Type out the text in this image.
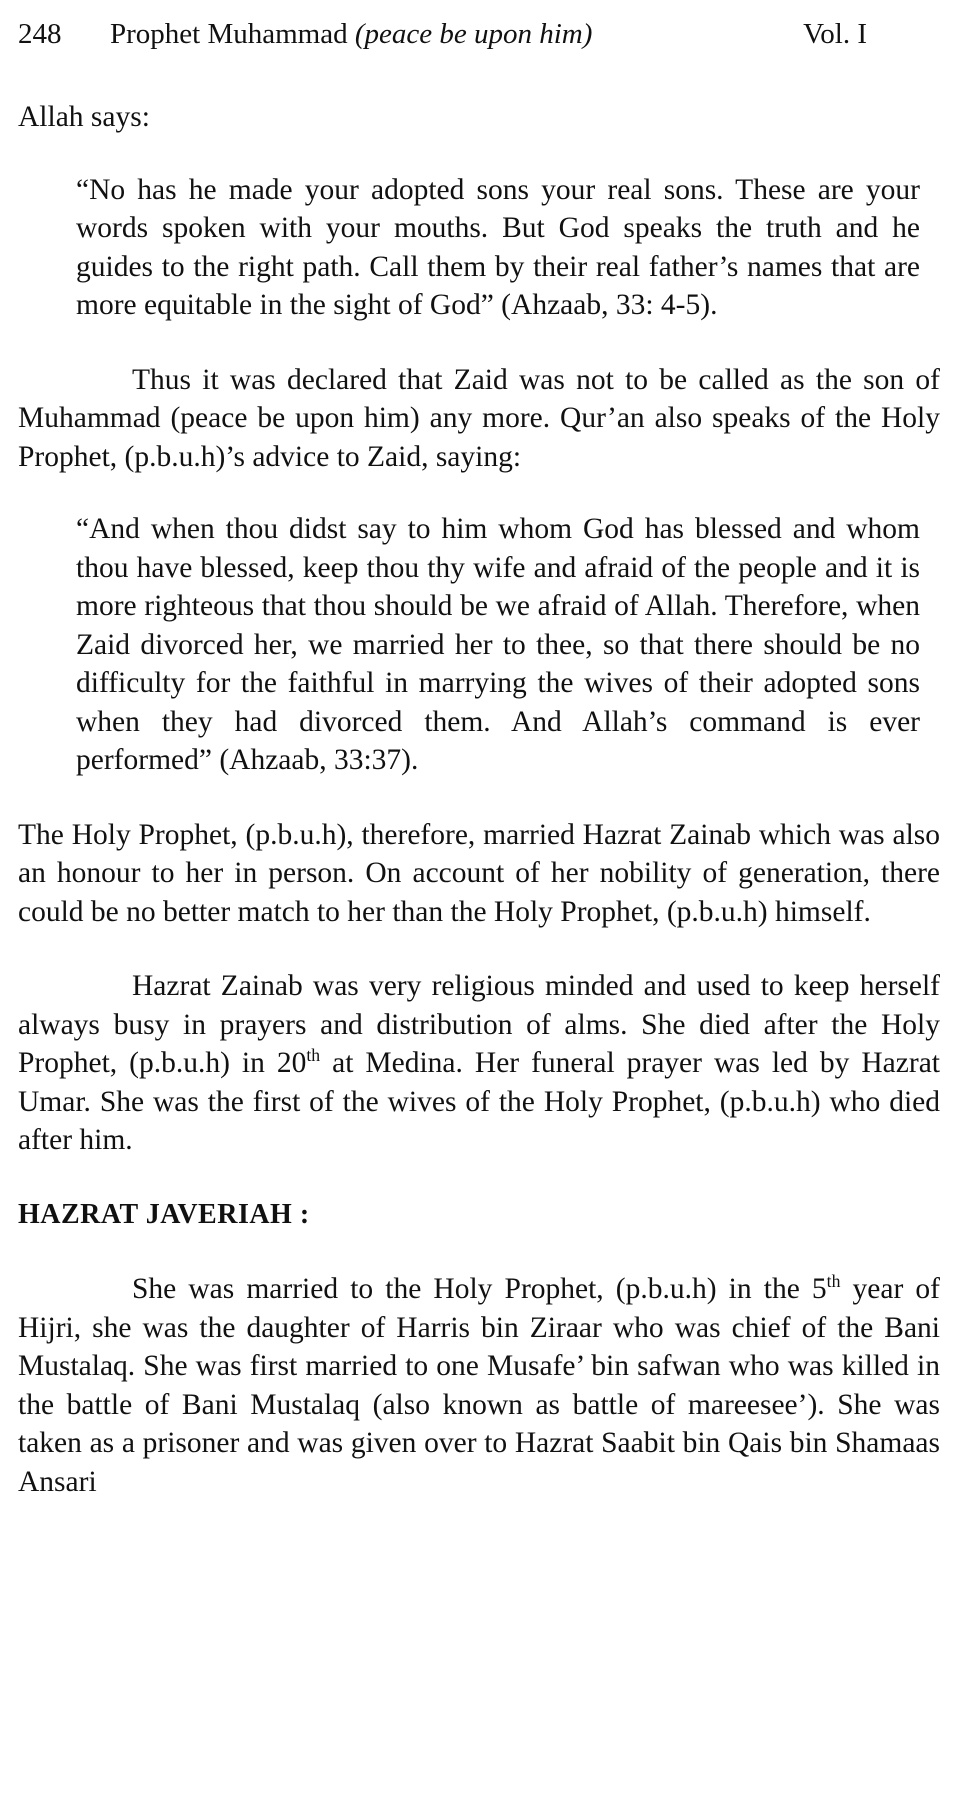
248 Prophet Muhammad (peace be upon him)	Vol. I

Allah says:

“No has he made your adopted sons your real sons. These are your words spoken with your mouths. But God speaks the truth and he guides to the right path. Call them by their real father’s names that are more equitable in the sight of God” (Ahzaab, 33: 4-5).

Thus it was declared that Zaid was not to be called as the son of Muhammad (peace be upon him) any more. Qur’an also speaks of the Holy Prophet, (p.b.u.h)’s advice to Zaid, saying:

“And when thou didst say to him whom God has blessed and whom thou have blessed, keep thou thy wife and afraid of the people and it is more righteous that thou should be we afraid of Allah. Therefore, when Zaid divorced her, we married her to thee, so that there should be no difficulty for the faithful in marrying the wives of their adopted sons when they had divorced them. And Allah’s command is ever performed” (Ahzaab, 33:37).

The Holy Prophet, (p.b.u.h), therefore, married Hazrat Zainab which was also an honour to her in person. On account of her nobility of generation, there could be no better match to her than the Holy Prophet, (p.b.u.h) himself.

Hazrat Zainab was very religious minded and used to keep herself always busy in prayers and distribution of alms. She died after the Holy Prophet, (p.b.u.h) in 20th at Medina. Her funeral prayer was led by Hazrat Umar. She was the first of the wives of the Holy Prophet, (p.b.u.h) who died after him.

HAZRAT JAVERIAH :

She was married to the Holy Prophet, (p.b.u.h) in the 5th year of Hijri, she was the daughter of Harris bin Ziraar who was chief of the Bani Mustalaq. She was first married to one Musafe’ bin safwan who was killed in the battle of Bani Mustalaq (also known as battle of mareesee’). She was taken as a prisoner and was given over to Hazrat Saabit bin Qais bin Shamaas Ansari
